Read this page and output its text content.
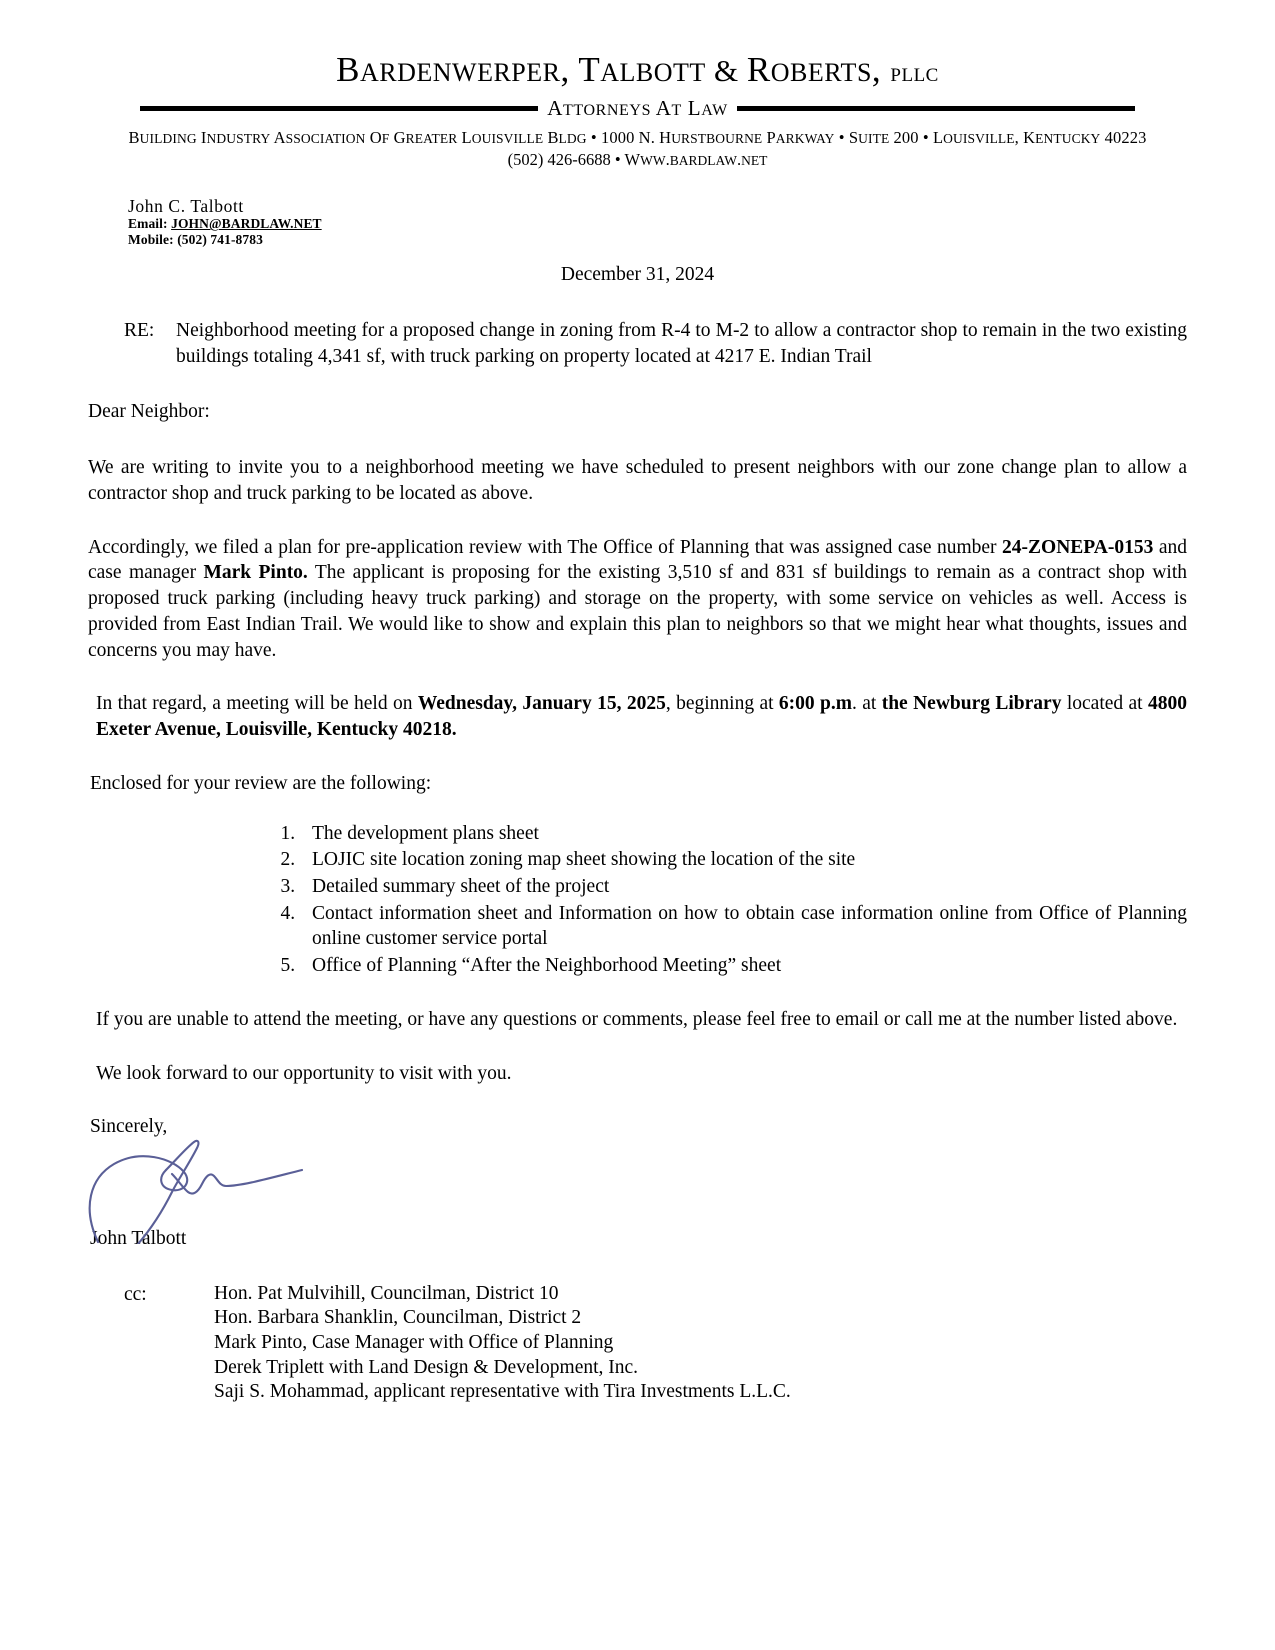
BARDENWERPER, TALBOTT & ROBERTS, PLLC
ATTORNEYS AT LAW
BUILDING INDUSTRY ASSOCIATION OF GREATER LOUISVILLE BLDG • 1000 N. HURSTBOURNE PARKWAY • SUITE 200 • LOUISVILLE, KENTUCKY 40223
(502) 426-6688 • WWW.BARDLAW.NET
John C. Talbott
Email: JOHN@BARDLAW.NET
Mobile: (502) 741-8783
December 31, 2024
RE:	Neighborhood meeting for a proposed change in zoning from R-4 to M-2 to allow a contractor shop to remain in the two existing buildings totaling 4,341 sf, with truck parking on property located at 4217 E. Indian Trail
Dear Neighbor:

We are writing to invite you to a neighborhood meeting we have scheduled to present neighbors with our zone change plan to allow a contractor shop and truck parking to be located as above.

Accordingly, we filed a plan for pre-application review with The Office of Planning that was assigned case number 24-ZONEPA-0153 and case manager Mark Pinto. The applicant is proposing for the existing 3,510 sf and 831 sf buildings to remain as a contract shop with proposed truck parking (including heavy truck parking) and storage on the property, with some service on vehicles as well. Access is provided from East Indian Trail. We would like to show and explain this plan to neighbors so that we might hear what thoughts, issues and concerns you may have.

In that regard, a meeting will be held on Wednesday, January 15, 2025, beginning at 6:00 p.m. at the Newburg Library located at 4800 Exeter Avenue, Louisville, Kentucky 40218.

Enclosed for your review are the following:
1. The development plans sheet
2. LOJIC site location zoning map sheet showing the location of the site
3. Detailed summary sheet of the project
4. Contact information sheet and Information on how to obtain case information online from Office of Planning online customer service portal
5. Office of Planning “After the Neighborhood Meeting” sheet

If you are unable to attend the meeting, or have any questions or comments, please feel free to email or call me at the number listed above.

We look forward to our opportunity to visit with you.

Sincerely,
John Talbott
cc:	Hon. Pat Mulvihill, Councilman, District 10
Hon. Barbara Shanklin, Councilman, District 2
Mark Pinto, Case Manager with Office of Planning
Derek Triplett with Land Design & Development, Inc.
Saji S. Mohammad, applicant representative with Tira Investments L.L.C.
